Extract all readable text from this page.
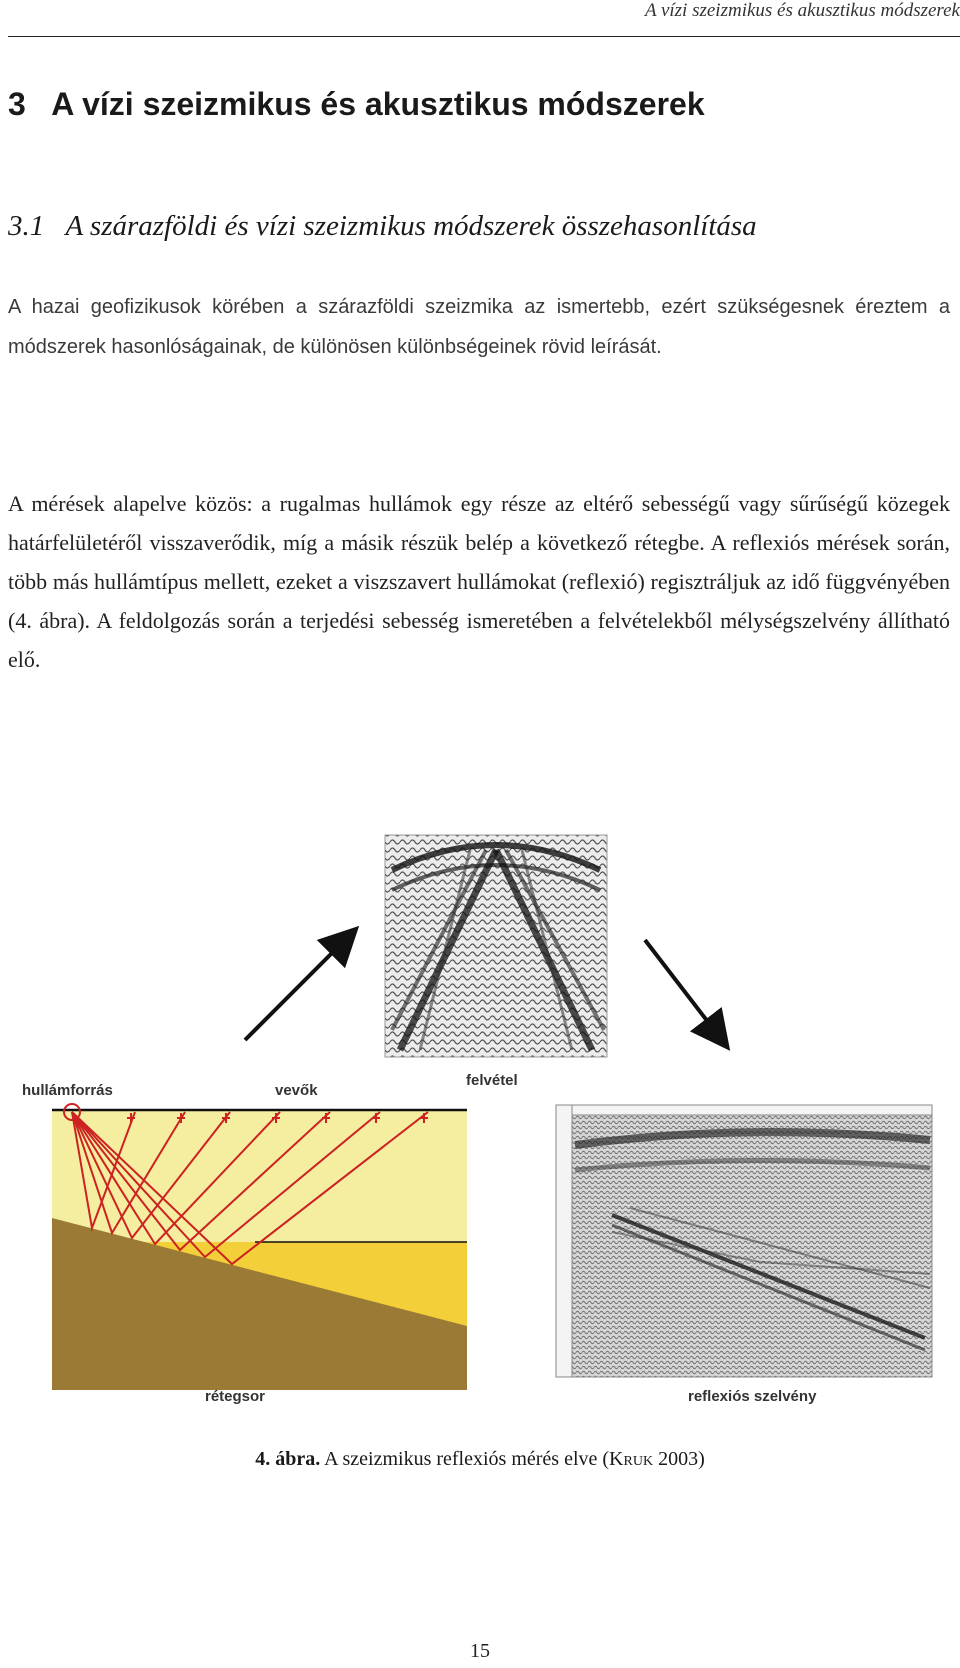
A vízi szeizmikus és akusztikus módszerek
3   A vízi szeizmikus és akusztikus módszerek
3.1   A szárazföldi és vízi szeizmikus módszerek összehasonlítása

A hazai geofizikusok körében a szárazföldi szeizmika az ismertebb, ezért szükségesnek éreztem a módszerek hasonlóságainak, de különösen különbségeinek rövid leírását.

A mérések alapelve közös: a rugalmas hullámok egy része az eltérő sebességű vagy sűrűségű közegek határfelületéről visszaverődik, míg a másik részük belép a következő rétegbe. A reflexiós mérések során, több más hullámtípus mellett, ezeket a viszszavert hullámokat (reflexió) regisztráljuk az idő függvényében (4. ábra). A feldolgozás során a terjedési sebesség ismeretében a felvételekből mélységszelvény állítható elő.

hullámforrás	vevők
felvétel
rétegsor	reflexiós szelvény
4. ábra. A szeizmikus reflexiós mérés elve (KRUK 2003)
15
